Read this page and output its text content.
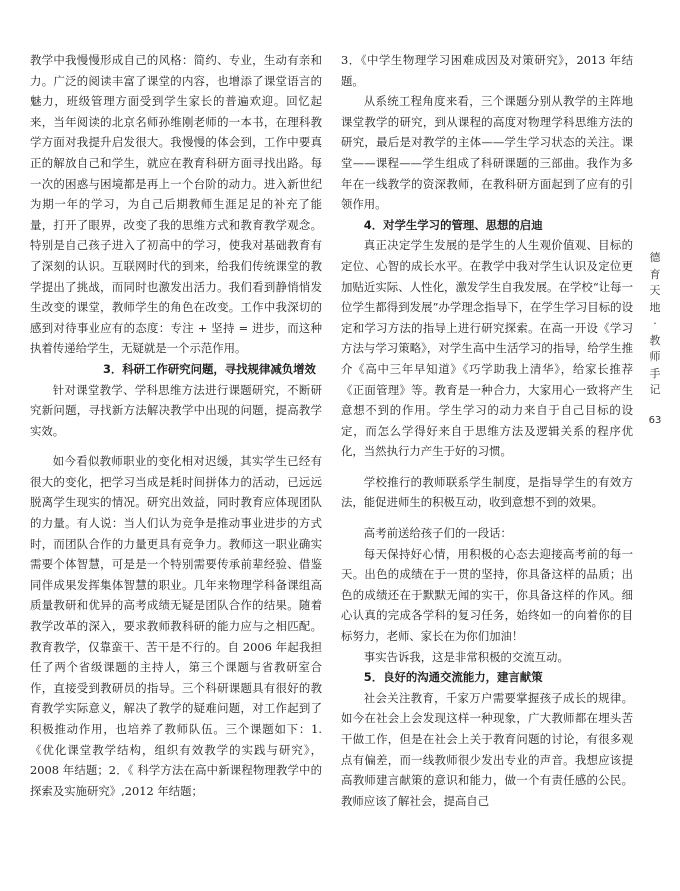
教学中我慢慢形成自己的风格：简约、专业，生动有亲和力。广泛的阅读丰富了课堂的内容，也增添了课堂语言的魅力，班级管理方面受到学生家长的普遍欢迎。回忆起来，当年阅读的北京名师孙维刚老师的一本书，在理科教学方面对我提升启发很大。我慢慢的体会到，工作中要真正的解放自己和学生，就应在教育科研方面寻找出路。每一次的困惑与困境都是再上一个台阶的动力。进入新世纪为期一年的学习，为自己后期教师生涯足足的补充了能量，打开了眼界，改变了我的思维方式和教育教学观念。特别是自己孩子进入了初高中的学习，使我对基础教育有了深刻的认识。互联网时代的到来，给我们传统课堂的教学提出了挑战，而同时也激发出活力。我们看到静悄悄发生改变的课堂，教师学生的角色在改变。工作中我深切的感到对待事业应有的态度：专注 + 坚持 = 进步，而这种执着传递给学生，无疑就是一个示范作用。

3．科研工作研究问题，寻找规律减负增效

针对课堂教学、学科思维方法进行课题研究，不断研究新问题，寻找新方法解决教学中出现的问题，提高教学实效。

如今看似教师职业的变化相对迟缓，其实学生已经有很大的变化，把学习当成是耗时间拼体力的活动，已远远脱离学生现实的情况。研究出效益，同时教育应体现团队的力量。有人说：当人们认为竞争是推动事业进步的方式时，而团队合作的力量更具有竞争力。教师这一职业确实需要个体智慧，可是是一个特别需要传承前辈经验、借鉴同伴成果发挥集体智慧的职业。几年来物理学科备课组高质量教研和优异的高考成绩无疑是团队合作的结果。随着教学改革的深入，要求教师教科研的能力应与之相匹配。教育教学，仅靠蛮干、苦干是不行的。自 2006 年起我担任了两个省级课题的主持人，第三个课题与省教研室合作，直接受到教研员的指导。三个科研课题具有很好的教育教学实际意义，解决了教学的疑难问题，对工作起到了积极推动作用，也培养了教师队伍。三个课题如下：1.《优化课堂教学结构，组织有效教学的实践与研究》，2008 年结题；2．《 科学方法在高中新课程物理教学中的探索及实施研究》,2012 年结题；

3．《中学生物理学习困难成因及对策研究》，2013 年结题。

从系统工程角度来看，三个课题分别从教学的主阵地课堂教学的研究，到从课程的高度对物理学科思维方法的研究，最后是对教学的主体——学生学习状态的关注。课堂——课程——学生组成了科研课题的三部曲。我作为多年在一线教学的资深教师，在教科研方面起到了应有的引领作用。

4．对学生学习的管理、思想的启迪

真正决定学生发展的是学生的人生观价值观、目标的定位、心智的成长水平。在教学中我对学生认识及定位更加贴近实际、人性化，激发学生自我发展。在学校“让每一位学生都得到发展”办学理念指导下，在学生学习目标的设定和学习方法的指导上进行研究探索。在高一开设《学习方法与学习策略》，对学生高中生活学习的指导，给学生推介《高中三年早知道》《巧学助我上清华》，给家长推荐《正面管理》等。教育是一种合力，大家用心一致将产生意想不到的作用。学生学习的动力来自于自己目标的设定，而怎么学得好来自于思维方法及逻辑关系的程序优化，当然执行力产生于好的习惯。

学校推行的教师联系学生制度，是指导学生的有效方法，能促进师生的积极互动，收到意想不到的效果。

高考前送给孩子们的一段话：

每天保持好心情，用积极的心态去迎接高考前的每一天。出色的成绩在于一贯的坚持，你具备这样的品质；出色的成绩还在于默默无闻的实干，你具备这样的作风。细心认真的完成各学科的复习任务，始终如一的向着你的目标努力，老师、家长在为你们加油！

事实告诉我，这是非常积极的交流互动。

5．良好的沟通交流能力，建言献策

社会关注教育，千家万户需要掌握孩子成长的规律。如今在社会上会发现这样一种现象，广大教师都在埋头苦干做工作，但是在社会上关于教育问题的讨论，有很多观点有偏差，而一线教师很少发出专业的声音。我想应该提高教师建言献策的意识和能力，做一个有责任感的公民。教师应该了解社会，提高自己

德
育
天
地
·
教
师
手
记
63
